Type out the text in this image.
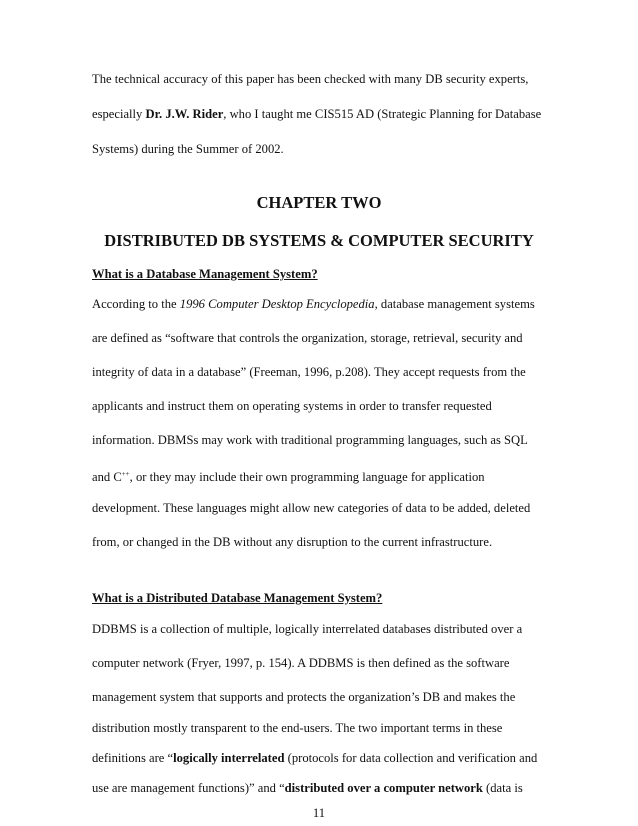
The technical accuracy of this paper has been checked with many DB security experts,
especially Dr. J.W. Rider, who I taught me CIS515 AD (Strategic Planning for Database
Systems) during the Summer of 2002.
CHAPTER TWO
DISTRIBUTED DB SYSTEMS & COMPUTER SECURITY
What is a Database Management System?
According to the 1996 Computer Desktop Encyclopedia, database management systems
are defined as “software that controls the organization, storage, retrieval, security and
integrity of data in a database” (Freeman, 1996, p.208). They accept requests from the
applicants and instruct them on operating systems in order to transfer requested
information. DBMSs may work with traditional programming languages, such as SQL
and C++, or they may include their own programming language for application
development. These languages might allow new categories of data to be added, deleted
from, or changed in the DB without any disruption to the current infrastructure.
What is a Distributed Database Management System?
DDBMS is a collection of multiple, logically interrelated databases distributed over a
computer network (Fryer, 1997, p. 154). A DDBMS is then defined as the software
management system that supports and protects the organization’s DB and makes the
distribution mostly transparent to the end-users. The two important terms in these
definitions are “logically interrelated (protocols for data collection and verification and
use are management functions)” and “distributed over a computer network (data is
11
